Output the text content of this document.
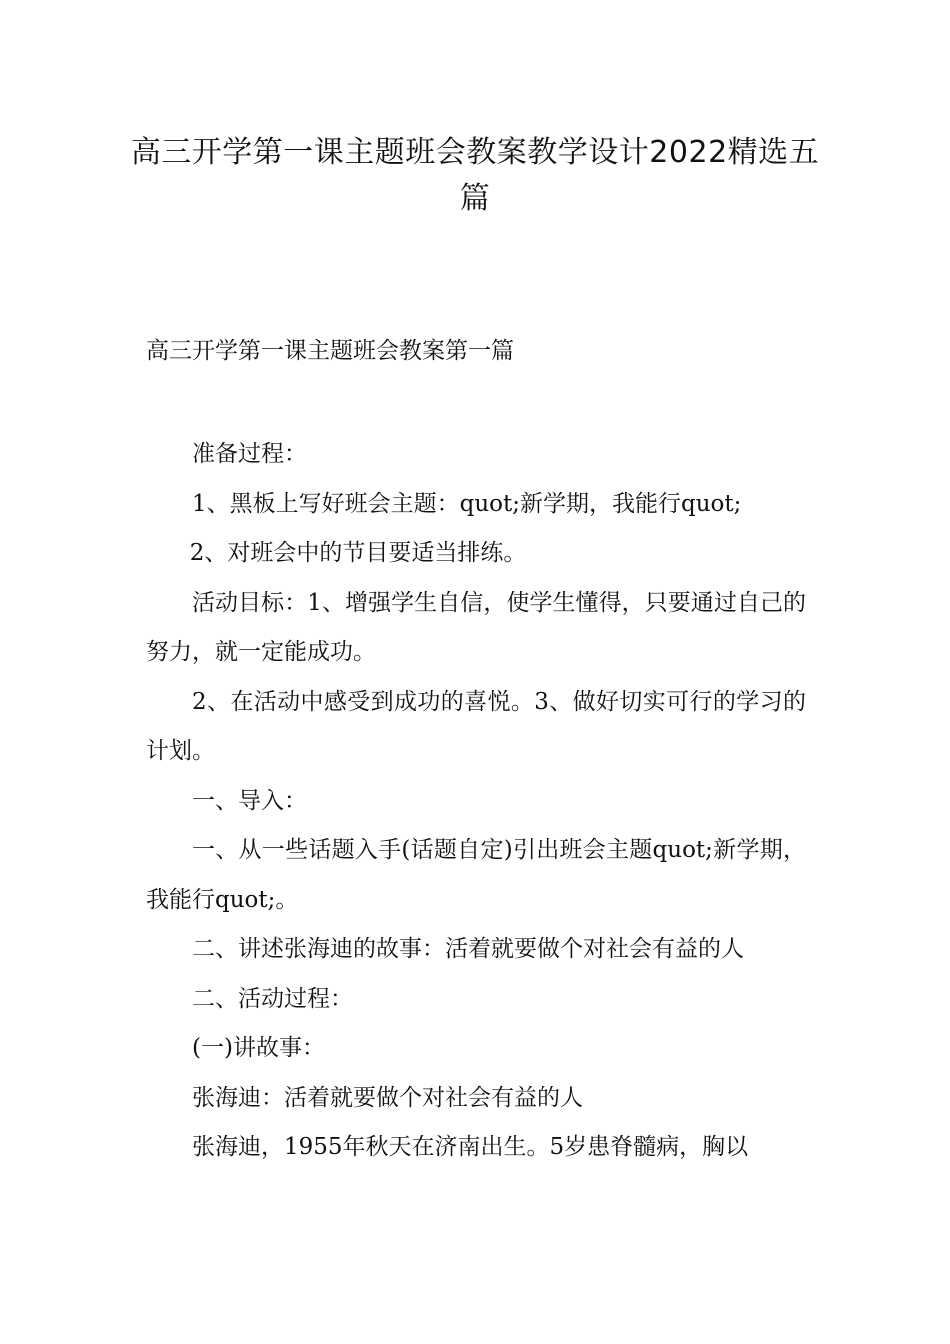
高三开学第一课主题班会教案教学设计2022精选五篇

高三开学第一课主题班会教案第一篇

准备过程：

1、黑板上写好班会主题：quot;新学期，我能行quot;

2、对班会中的节目要适当排练。

活动目标：1、增强学生自信，使学生懂得，只要通过自己的努力，就一定能成功。

2、在活动中感受到成功的喜悦。3、做好切实可行的学习的计划。

一、导入：

一、从一些话题入手(话题自定)引出班会主题quot;新学期，我能行quot;。

二、讲述张海迪的故事：活着就要做个对社会有益的人

二、活动过程：

(一)讲故事：

张海迪：活着就要做个对社会有益的人

张海迪，1955年秋天在济南出生。5岁患脊髓病，胸以
